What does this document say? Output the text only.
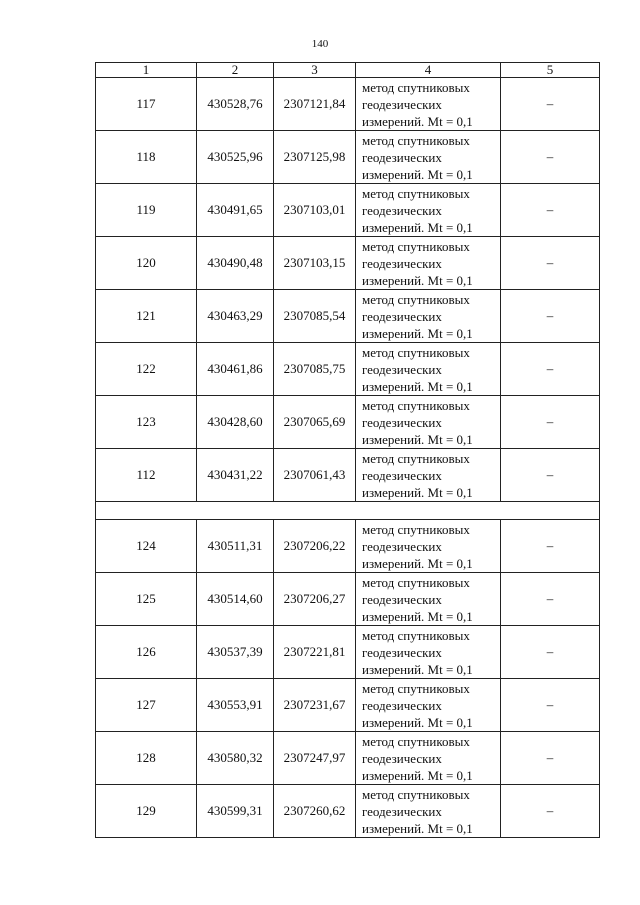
140
1	2	3	4	5
117	430528,76	2307121,84	метод спутниковых
геодезических
измерений. Mt = 0,1	–
118	430525,96	2307125,98	метод спутниковых
геодезических
измерений. Mt = 0,1	–
119	430491,65	2307103,01	метод спутниковых
геодезических
измерений. Mt = 0,1	–
120	430490,48	2307103,15	метод спутниковых
геодезических
измерений. Mt = 0,1	–
121	430463,29	2307085,54	метод спутниковых
геодезических
измерений. Mt = 0,1	–
122	430461,86	2307085,75	метод спутниковых
геодезических
измерений. Mt = 0,1	–
123	430428,60	2307065,69	метод спутниковых
геодезических
измерений. Mt = 0,1	–
112	430431,22	2307061,43	метод спутниковых
геодезических
измерений. Mt = 0,1	–

124	430511,31	2307206,22	метод спутниковых
геодезических
измерений. Mt = 0,1	–
125	430514,60	2307206,27	метод спутниковых
геодезических
измерений. Mt = 0,1	–
126	430537,39	2307221,81	метод спутниковых
геодезических
измерений. Mt = 0,1	–
127	430553,91	2307231,67	метод спутниковых
геодезических
измерений. Mt = 0,1	–
128	430580,32	2307247,97	метод спутниковых
геодезических
измерений. Mt = 0,1	–
129	430599,31	2307260,62	метод спутниковых
геодезических
измерений. Mt = 0,1	–
